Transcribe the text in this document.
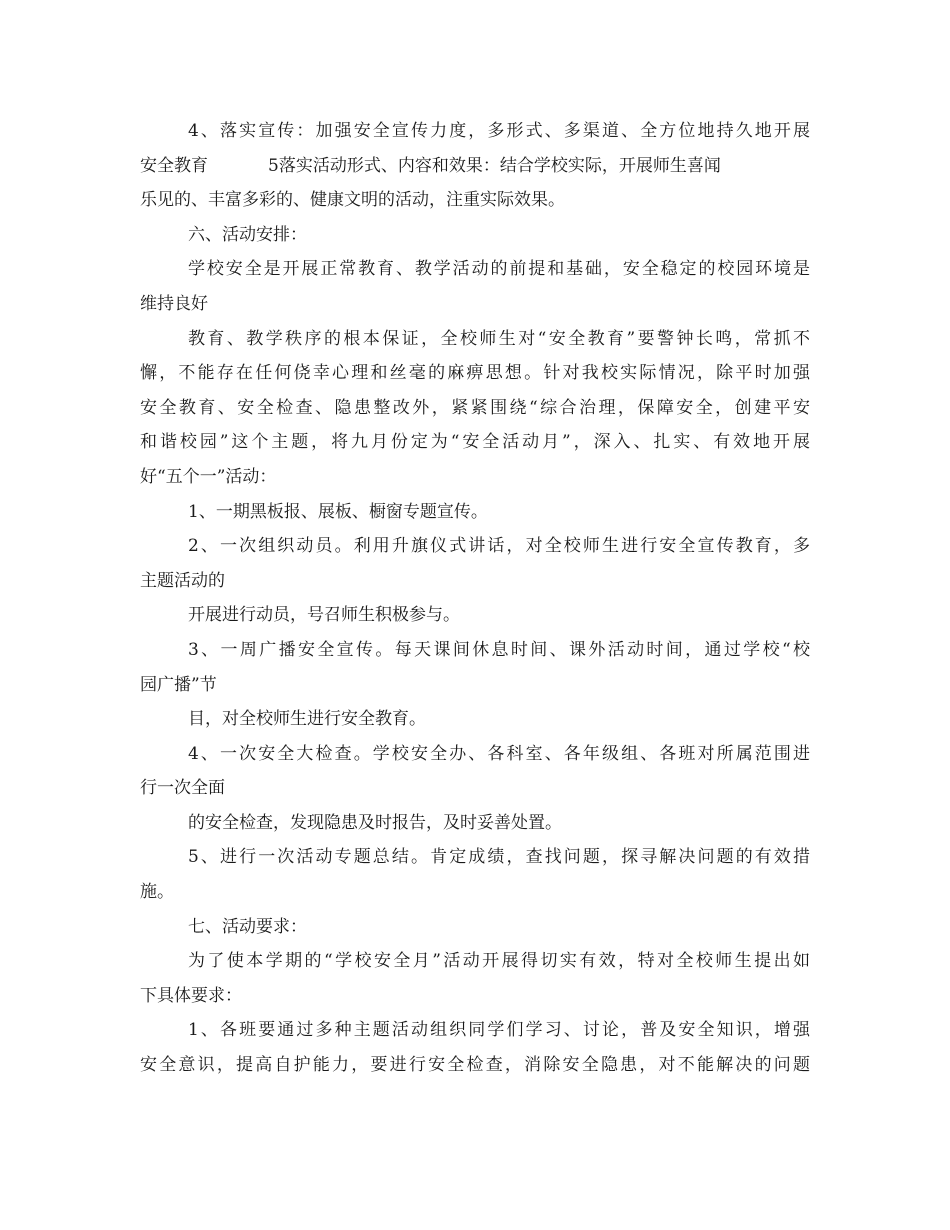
4、落实宣传：加强安全宣传力度，多形式、多渠道、全方位地持久地开展
安全教育	5落实活动形式、内容和效果：结合学校实际，开展师生喜闻
乐见的、丰富多彩的、健康文明的活动，注重实际效果。
六、活动安排：
学校安全是开展正常教育、教学活动的前提和基础，安全稳定的校园环境是
维持良好
教育、教学秩序的根本保证，全校师生对“安全教育”要警钟长鸣，常抓不
懈，不能存在任何侥幸心理和丝毫的麻痹思想。针对我校实际情况，除平时加强
安全教育、安全检查、隐患整改外，紧紧围绕“综合治理，保障安全，创建平安
和谐校园”这个主题，将九月份定为“安全活动月”，深入、扎实、有效地开展
好“五个一”活动：
1、一期黑板报、展板、橱窗专题宣传。
2、一次组织动员。利用升旗仪式讲话，对全校师生进行安全宣传教育，多
主题活动的
开展进行动员，号召师生积极参与。
3、一周广播安全宣传。每天课间休息时间、课外活动时间，通过学校“校
园广播”节
目，对全校师生进行安全教育。
4、一次安全大检查。学校安全办、各科室、各年级组、各班对所属范围进
行一次全面
的安全检查，发现隐患及时报告，及时妥善处置。
5、进行一次活动专题总结。肯定成绩，查找问题，探寻解决问题的有效措
施。
七、活动要求：
为了使本学期的“学校安全月”活动开展得切实有效，特对全校师生提出如
下具体要求：
1、各班要通过多种主题活动组织同学们学习、讨论，普及安全知识，增强
安全意识，提高自护能力，要进行安全检查，消除安全隐患，对不能解决的问题
